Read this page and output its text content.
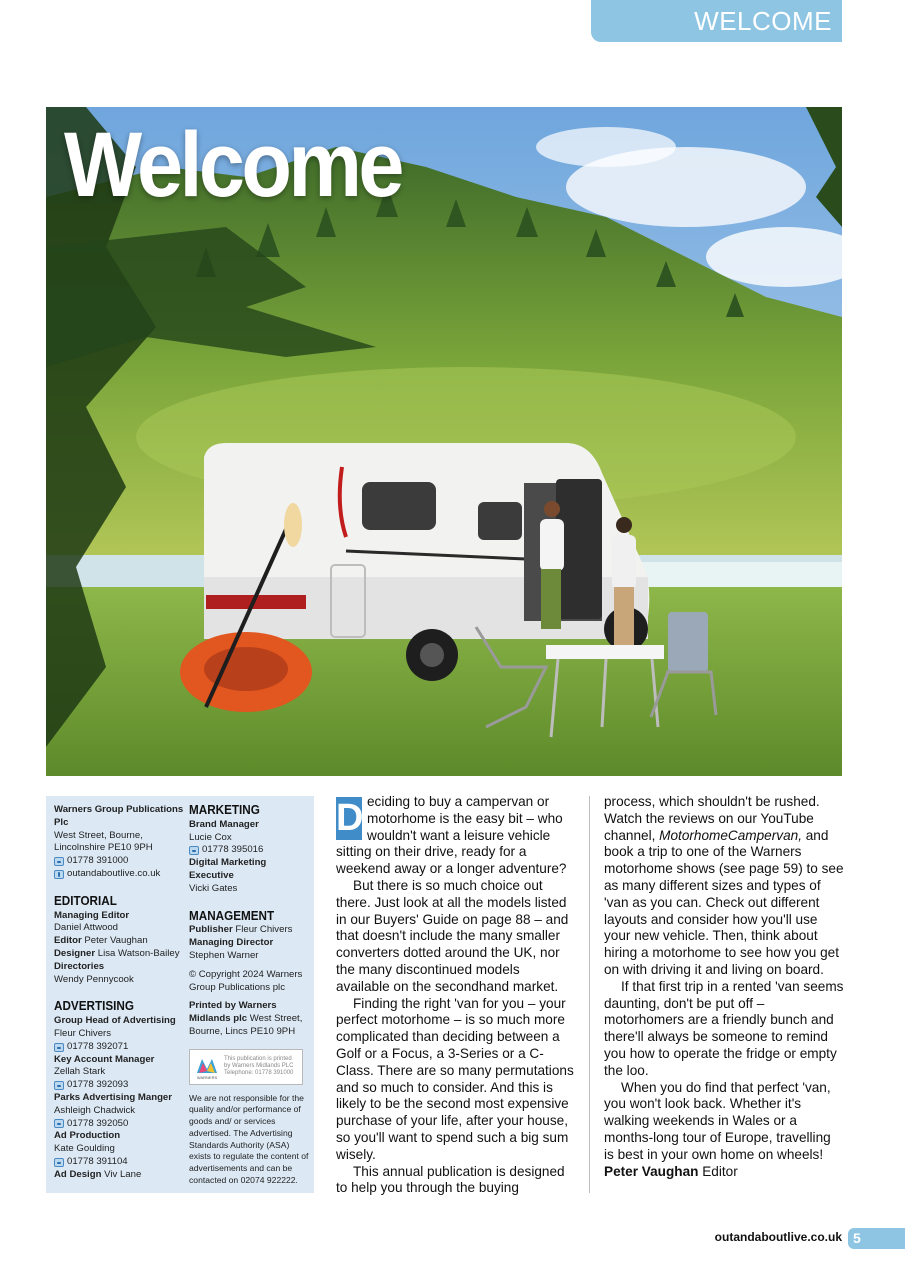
WELCOME
Welcome
Globebus
Warners Group Publications Plc
West Street, Bourne, Lincolnshire PE10 9PH
01778 391000
outandaboutlive.co.uk
EDITORIAL
Managing Editor
Daniel Attwood
Editor Peter Vaughan
Designer Lisa Watson-Bailey
Directories
Wendy Pennycook
ADVERTISING
Group Head of Advertising
Fleur Chivers
01778 392071
Key Account Manager
Zellah Stark
01778 392093
Parks Advertising Manger
Ashleigh Chadwick
01778 392050
Ad Production
Kate Goulding
01778 391104
Ad Design Viv Lane
MARKETING
Brand Manager
Lucie Cox
01778 395016
Digital Marketing Executive
Vicki Gates
MANAGEMENT
Publisher Fleur Chivers
Managing Director
Stephen Warner
© Copyright 2024 Warners Group Publications plc
Printed by Warners Midlands plc West Street, Bourne, Lincs PE10 9PH
WARNERS
This publication is printed
by Warners Midlands PLC
Telephone: 01778 391000
We are not responsible for the quality and/or performance of goods and/ or services advertised. The Advertising Standards Authority (ASA) exists to regulate the content of advertisements and can be contacted on 02074 922222.

D eciding to buy a campervan or motorhome is the easy bit – who wouldn't want a leisure vehicle sitting on their drive, ready for a weekend away or a longer adventure?

But there is so much choice out there. Just look at all the models listed in our Buyers' Guide on page 88 – and that doesn't include the many smaller converters dotted around the UK, nor the many discontinued models available on the secondhand market.

Finding the right 'van for you – your perfect motorhome – is so much more complicated than deciding between a Golf or a Focus, a 3-Series or a C-Class. There are so many permutations and so much to consider. And this is likely to be the second most expensive purchase of your life, after your house, so you'll want to spend such a big sum wisely.

This annual publication is designed to help you through the buying

process, which shouldn't be rushed. Watch the reviews on our YouTube channel, MotorhomeCampervan, and book a trip to one of the Warners motorhome shows (see page 59) to see as many different sizes and types of 'van as you can. Check out different layouts and consider how you'll use your new vehicle. Then, think about hiring a motorhome to see how you get on with driving it and living on board.

If that first trip in a rented 'van seems daunting, don't be put off – motorhomers are a friendly bunch and there'll always be someone to remind you how to operate the fridge or empty the loo.

When you do find that perfect 'van, you won't look back. Whether it's walking weekends in Wales or a months-long tour of Europe, travelling is best in your own home on wheels!

Peter Vaughan Editor

outandaboutlive.co.uk 5
